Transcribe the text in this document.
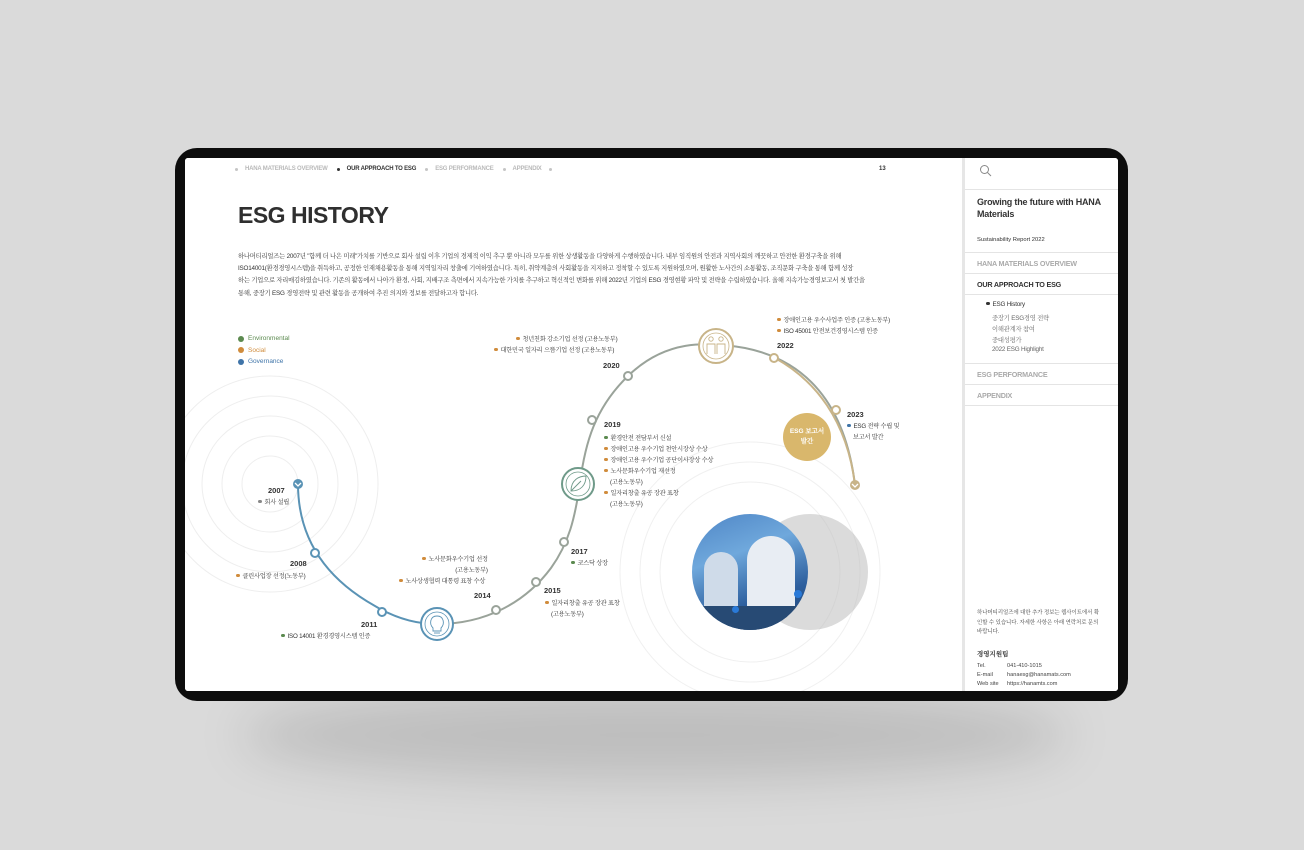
HANA MATERIALS OVERVIEW	OUR APPROACH TO ESG	ESG PERFORMANCE	APPENDIX	13
ESG HISTORY
하나머티리얼즈는 2007년 "함께 더 나은 미래"가치를 기반으로 회사 설립 이후 기업의 경제적 이익 추구 뿐 아니라 모두를 위한 상생활동을 다양하게 수행하였습니다. 내부 임직원의 안전과 지역사회의 깨끗하고 안전한 환경구축을 위해
ISO14001(환경경영시스템)을 취득하고, 공정한 인재채용활동을 통해 지역일자리 창출에 기여하였습니다. 특히, 취약계층의 사회활동을 지지하고 정착할 수 있도록 지원하였으며, 원활한 노사간의 소통활동, 조직문화 구축을 통해 함께 성장
하는 기업으로 자리매김하였습니다. 기존의 활동에서 나아가 환경, 사회, 지배구조 측면에서 지속가능한 가치를 추구하고 혁신적인 변화를 위해 2022년 기업의 ESG 경영현황 파악 및 전략을 수립하였습니다. 올해 지속가능경영보고서 첫 발간을
통해, 중장기 ESG 경영전략 및 관련 활동을 공개하여 추진 의지와 정보를 전달하고자 합니다.
Environmental
Social
Governance
ESG 보고서
발간
2007
회사 설립
2008
클린사업장 선정(노동부)
2011
ISO 14001 환경경영시스템 인증
2014
노사문화우수기업 선정
(고용노동부)
노사상생협력 대통령 표창 수상
2015
일자리창출 유공 장관 표창
(고용노동부)
2017
코스닥 상장
2019
환경안전 전담부서 신설
장애인고용 우수기업 천안시장상 수상
장애인고용 우수기업 공단이사장상 수상
노사문화우수기업 재선정
(고용노동부)
일자리창출 유공 장관 표창
(고용노동부)
2020
청년친화 강소기업 선정 (고용노동부)
대한민국 일자리 으뜸기업 선정 (고용노동부)
2022
장애인고용 우수사업주 인증 (고용노동부)
ISO 45001 안전보건경영시스템 인증
2023
ESG 전략 수립 및
보고서 발간
Growing the future with HANA Materials
Sustainability Report 2022
HANA MATERIALS OVERVIEW
OUR APPROACH TO ESG
ESG History
중장기 ESG경영 전략
이해관계자 참여
중대성평가
2022 ESG Highlight
ESG PERFORMANCE
APPENDIX
하나머티리얼즈에 대한 추가 정보는 웹사이트에서 확인할 수 있습니다. 자세한 사항은 아래 연락처로 문의 바랍니다.
경영지원팀
Tel.	041-410-1015
E-mail	hanaesg@hanamats.com
Web site https://hanamts.com
